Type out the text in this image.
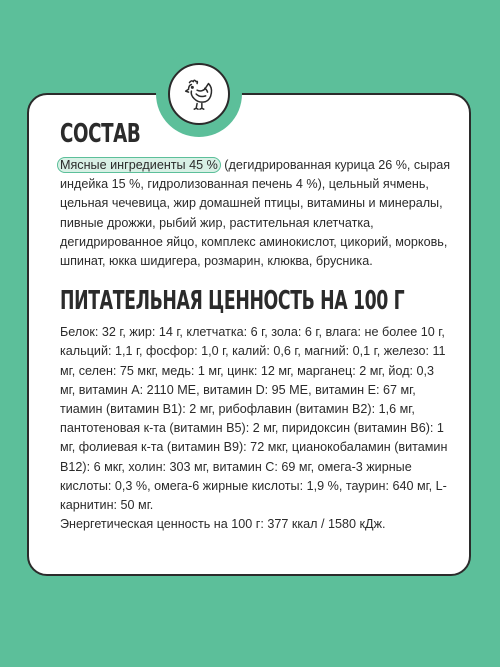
СОСТАВ

Мясные ингредиенты 45 % (дегидрированная курица 26 %, сырая индейка 15 %, гидролизованная печень 4 %), цельный ячмень, цельная чечевица, жир домашней птицы, витамины и минералы, пивные дрожжи, рыбий жир, растительная клетчатка, дегидрированное яйцо, комплекс аминокислот, цикорий, морковь, шпинат, юкка шидигера, розмарин, клюква, брусника.

ПИТАТЕЛЬНАЯ ЦЕННОСТЬ НА 100 Г

Белок: 32 г, жир: 14 г, клетчатка: 6 г, зола: 6 г, влага: не более 10 г, кальций: 1,1 г, фосфор: 1,0 г, калий: 0,6 г, магний: 0,1 г, железо: 11 мг, селен: 75 мкг, медь: 1 мг, цинк: 12 мг, марганец: 2 мг, йод: 0,3 мг, витамин А: 2110 МЕ, витамин D: 95 МЕ, витамин Е: 67 мг, тиамин (витамин В1): 2 мг, рибофлавин (витамин В2): 1,6 мг, пантотеновая к-та (витамин В5): 2 мг, пиридоксин (витамин В6): 1 мг, фолиевая к-та (витамин В9): 72 мкг, цианокобаламин (витамин В12): 6 мкг, холин: 303 мг, витамин С: 69 мг, омега-3 жирные кислоты: 0,3 %, омега-6 жирные кислоты: 1,9 %, таурин: 640 мг, L-карнитин: 50 мг.

Энергетическая ценность на 100 г: 377 ккал / 1580 кДж.
